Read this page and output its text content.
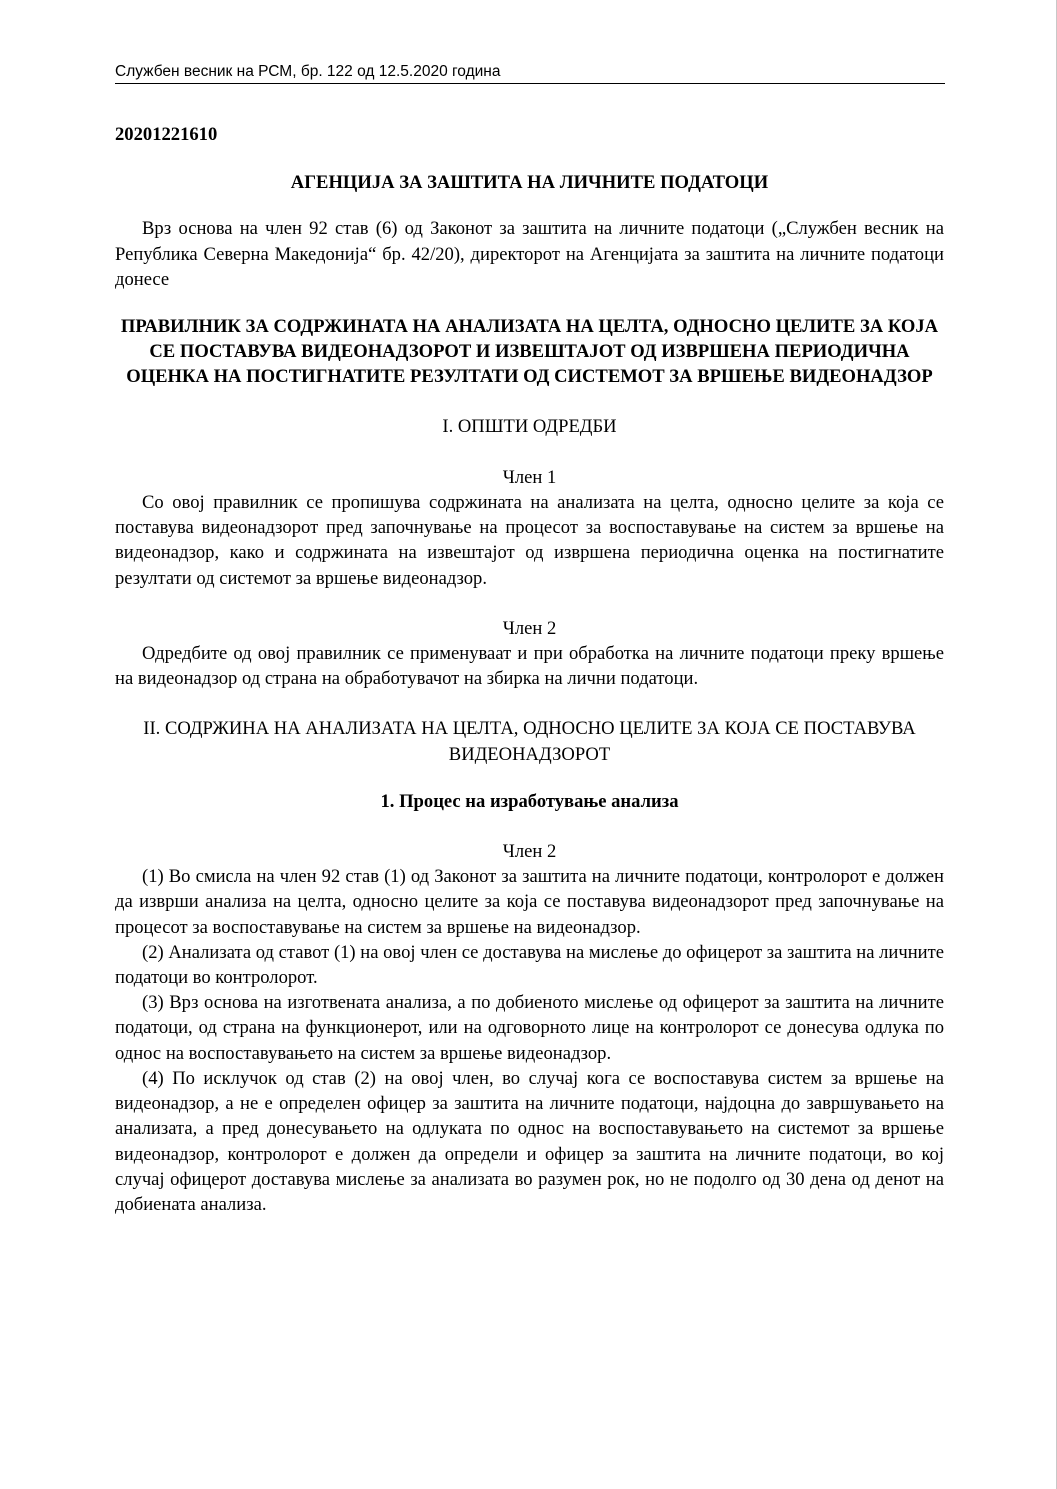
Службен весник на РСМ, бр. 122 од 12.5.2020 година

20201221610

АГЕНЦИЈА ЗА ЗАШТИТА НА ЛИЧНИТЕ ПОДАТОЦИ

Врз основа на член 92 став (6) од Законот за заштита на личните податоци („Службен весник на Република Северна Македонија“ бр. 42/20), директорот на Агенцијата за заштита на личните податоци донесе

ПРАВИЛНИК ЗА СОДРЖИНАТА НА АНАЛИЗАТА НА ЦЕЛТА, ОДНОСНО ЦЕЛИТЕ ЗА КОЈА СЕ ПОСТАВУВА ВИДЕОНАДЗОРОТ И ИЗВЕШТАЈОТ ОД ИЗВРШЕНА ПЕРИОДИЧНА ОЦЕНКА НА ПОСТИГНАТИТЕ РЕЗУЛТАТИ ОД СИСТЕМОТ ЗА ВРШЕЊЕ ВИДЕОНАДЗОР

I. ОПШТИ ОДРЕДБИ

Член 1

Со овој правилник се пропишува содржината на анализата на целта, односно целите за која се поставува видеонадзорот пред започнување на процесот за воспоставување на систем за вршење на видеонадзор, како и содржината на извештајот од извршена периодична оценка на постигнатите резултати од системот за вршење видеонадзор.

Член 2

Одредбите од овој правилник се применуваат и при обработка на личните податоци преку вршење на видеонадзор од страна на обработувачот на збирка на лични податоци.

II. СОДРЖИНА НА АНАЛИЗАТА НА ЦЕЛТА, ОДНОСНО ЦЕЛИТЕ ЗА КОЈА СЕ ПОСТАВУВА ВИДЕОНАДЗОРОТ

1. Процес на изработување анализа

Член 2

(1) Во смисла на член 92 став (1) од Законот за заштита на личните податоци, контролорот е должен да изврши анализа на целта, односно целите за која се поставува видеонадзорот пред започнување на процесот за воспоставување на систем за вршење на видеонадзор.

(2) Анализата од ставот (1) на овој член се доставува на мислење до офицерот за заштита на личните податоци во контролорот.

(3) Врз основа на изготвената анализа, а по добиеното мислење од офицерот за заштита на личните податоци, од страна на функционерот, или на одговорното лице на контролорот се донесува одлука по однос на воспоставувањето на систем за вршење видеонадзор.

(4) По исклучок од став (2) на овој член, во случај кога се воспоставува систем за вршење на видеонадзор, а не е определен офицер за заштита на личните податоци, најдоцна до завршувањето на анализата, а пред донесувањето на одлуката по однос на воспоставувањето на системот за вршење видеонадзор, контролорот е должен да определи и офицер за заштита на личните податоци, во кој случај офицерот доставува мислење за анализата во разумен рок, но не подолго од 30 дена од денот на добиената анализа.
